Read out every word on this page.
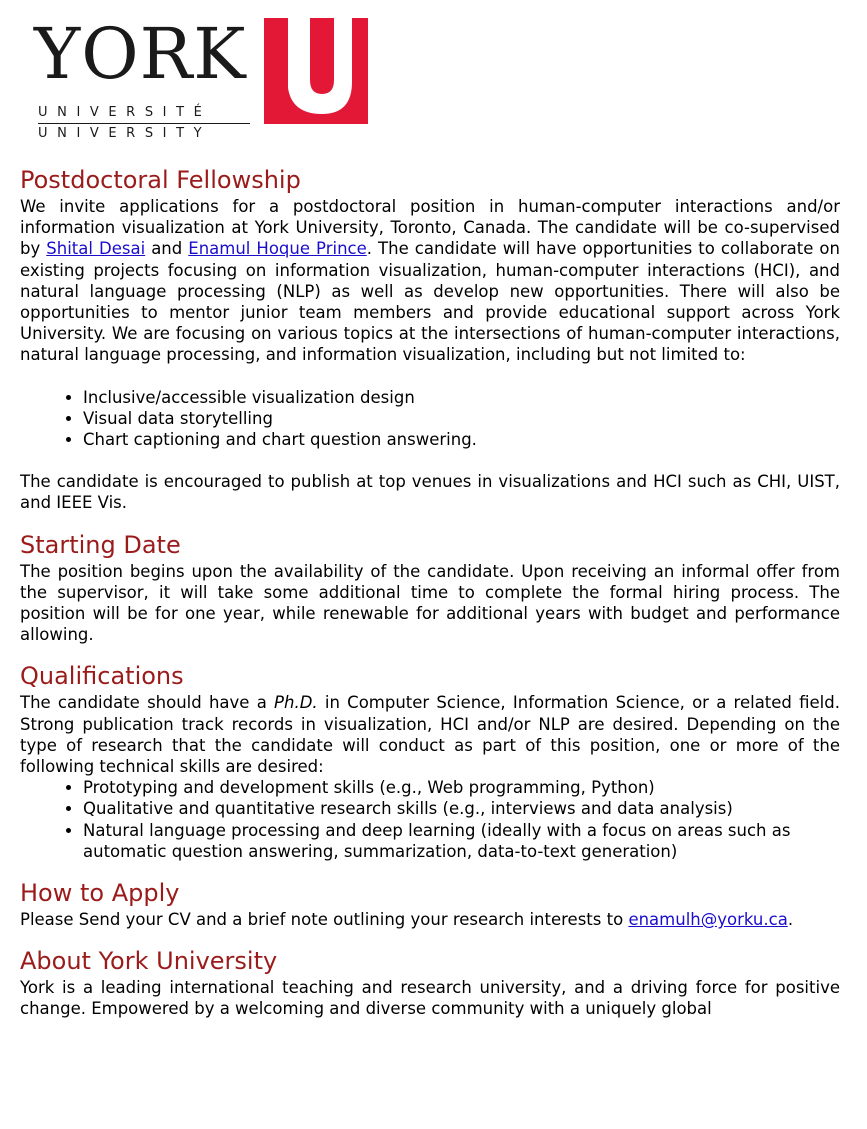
YORK
UNIVERSITÉ
UNIVERSITY
Postdoctoral Fellowship

We invite applications for a postdoctoral position in human-computer interactions and/or information visualization at York University, Toronto, Canada. The candidate will be co-supervised by Shital Desai and Enamul Hoque Prince. The candidate will have opportunities to collaborate on existing projects focusing on information visualization, human-computer interactions (HCI), and natural language processing (NLP) as well as develop new opportunities. There will also be opportunities to mentor junior team members and provide educational support across York University. We are focusing on various topics at the intersections of human-computer interactions, natural language processing, and information visualization, including but not limited to:

• Inclusive/accessible visualization design
• Visual data storytelling
• Chart captioning and chart question answering.

The candidate is encouraged to publish at top venues in visualizations and HCI such as CHI, UIST, and IEEE Vis.

Starting Date

The position begins upon the availability of the candidate. Upon receiving an informal offer from the supervisor, it will take some additional time to complete the formal hiring process. The position will be for one year, while renewable for additional years with budget and performance allowing.

Qualifications

The candidate should have a Ph.D. in Computer Science, Information Science, or a related field. Strong publication track records in visualization, HCI and/or NLP are desired. Depending on the type of research that the candidate will conduct as part of this position, one or more of the following technical skills are desired:

• Prototyping and development skills (e.g., Web programming, Python)
• Qualitative and quantitative research skills (e.g., interviews and data analysis)
• Natural language processing and deep learning (ideally with a focus on areas such as automatic question answering, summarization, data-to-text generation)
How to Apply

Please Send your CV and a brief note outlining your research interests to enamulh@yorku.ca.

About York University

York is a leading international teaching and research university, and a driving force for positive change. Empowered by a welcoming and diverse community with a uniquely global
